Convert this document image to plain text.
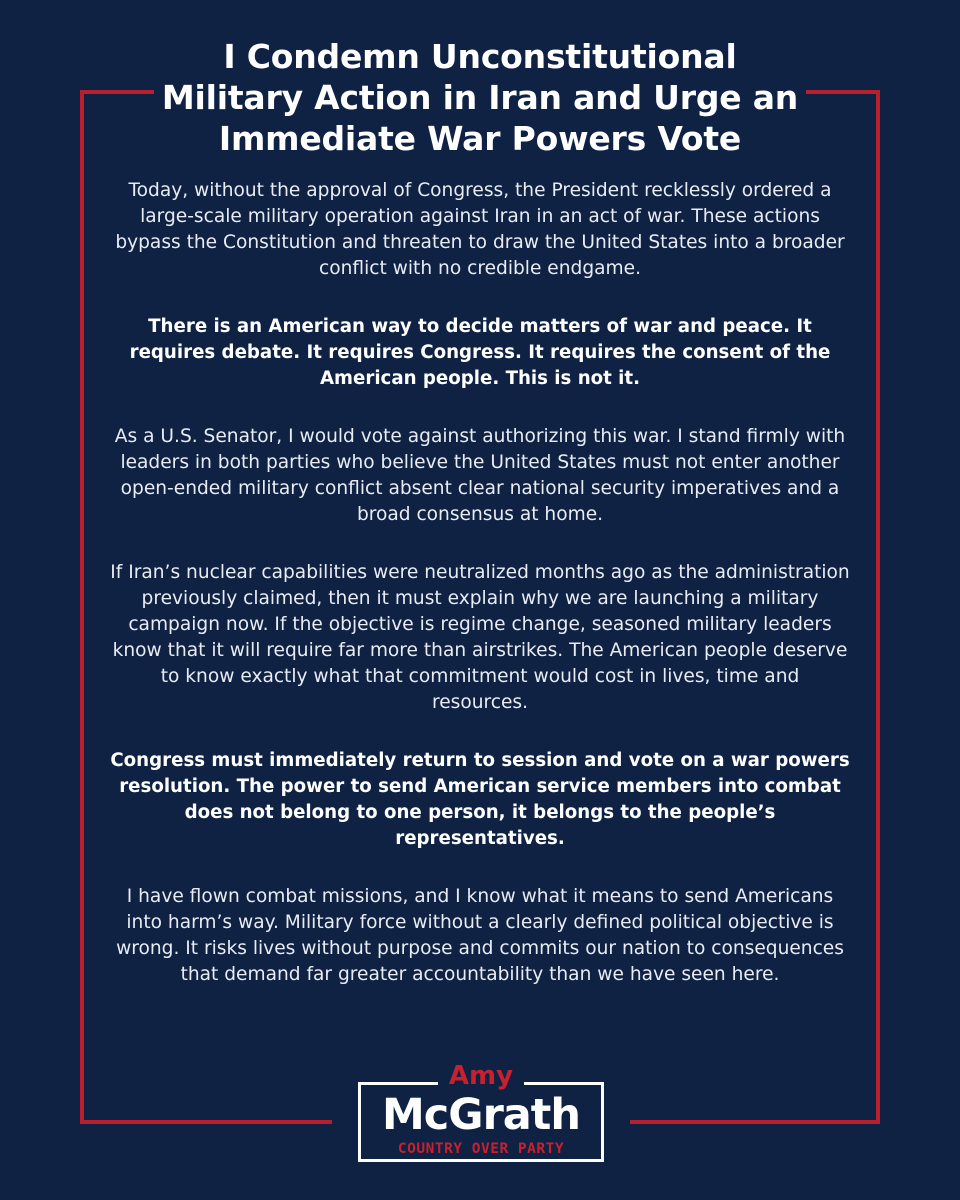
I Condemn Unconstitutional Military Action in Iran and Urge an Immediate War Powers Vote

Today, without the approval of Congress, the President recklessly ordered a large-scale military operation against Iran in an act of war. These actions bypass the Constitution and threaten to draw the United States into a broader conflict with no credible endgame.

There is an American way to decide matters of war and peace. It requires debate. It requires Congress. It requires the consent of the American people. This is not it.

As a U.S. Senator, I would vote against authorizing this war. I stand firmly with leaders in both parties who believe the United States must not enter another open-ended military conflict absent clear national security imperatives and a broad consensus at home.

If Iran’s nuclear capabilities were neutralized months ago as the administration previously claimed, then it must explain why we are launching a military campaign now. If the objective is regime change, seasoned military leaders know that it will require far more than airstrikes. The American people deserve to know exactly what that commitment would cost in lives, time and resources.

Congress must immediately return to session and vote on a war powers resolution. The power to send American service members into combat does not belong to one person, it belongs to the people’s representatives.

I have flown combat missions, and I know what it means to send Americans into harm’s way. Military force without a clearly defined political objective is wrong. It risks lives without purpose and commits our nation to consequences that demand far greater accountability than we have seen here.

Amy
McGrath
COUNTRY OVER PARTY
